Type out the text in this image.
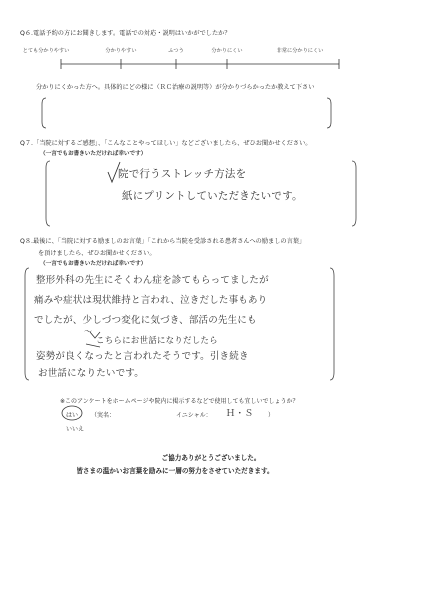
Q６.電話予約の方にお聞きします。電話での対応・説明はいかがでしたか？
とても分かりやすい	分かりやすい	ふつう	分かりにくい	非常に分かりにくい
分かりにくかった方へ。具体的にどの様に（ＲＣ治療の説明等）が分かりづらかったか教えて下さい
Q７.「当院に対するご感想」、「こんなことやってほしい」などございましたら、ぜひお聞かせください。
（一言でもお書きいただければ幸いです）
院で行うストレッチ方法を
紙にプリントしていただきたいです。
Q８.最後に、「当院に対する励ましのお言葉」「これから当院を受診される患者さんへの励ましの言葉」
を頂けましたら、ぜひお聞かせください。
（一言でもお書きいただければ幸いです）
整形外科の先生にそくわん症を診てもらってましたが
痛みや症状は現状維持と言われ、泣きだした事もあり
でしたが、少しづつ変化に気づき、部活の先生にも
こちらにお世話になりだしたら
姿勢が良くなったと言われたそうです。引き続き
お世話になりたいです。
～
※このアンケートをホームページや院内に掲示するなどで使用しても宜しいでしょうか？
はい （実名：	イニシャル： Ｈ・Ｓ ）
いいえ
ご協力ありがとうございました。
皆さまの温かいお言葉を励みに一層の努力をさせていただきます。
